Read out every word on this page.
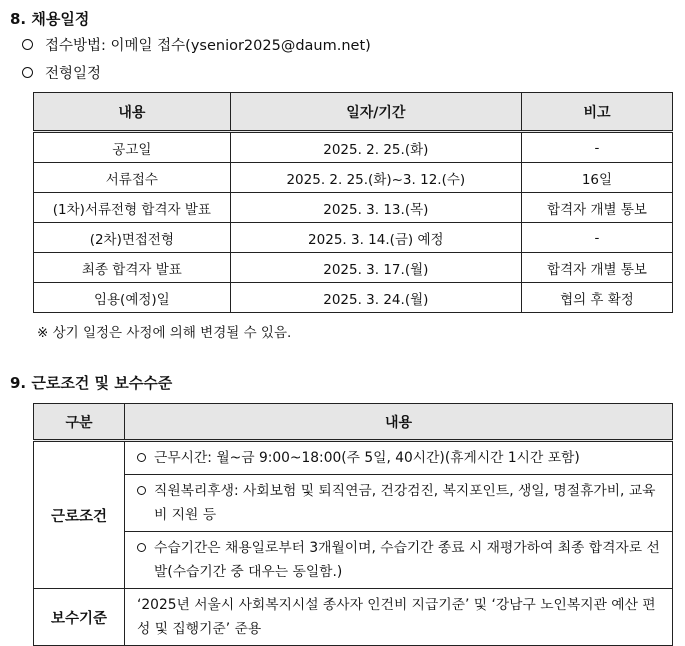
8. 채용일정
접수방법: 이메일 접수(ysenior2025@daum.net)
전형일정
내용	일자/기간	비고
공고일	2025. 2. 25.(화)	-
서류접수	2025. 2. 25.(화)~3. 12.(수)	16일
(1차)서류전형 합격자 발표	2025. 3. 13.(목)	합격자 개별 통보
(2차)면접전형	2025. 3. 14.(금) 예정	-
최종 합격자 발표	2025. 3. 17.(월)	합격자 개별 통보
임용(예정)일	2025. 3. 24.(월)	협의 후 확정
※ 상기 일정은 사정에 의해 변경될 수 있음.
9. 근로조건 및 보수수준
구분	내용
근로조건	근무시간: 월~금 9:00~18:00(주 5일, 40시간)(휴게시간 1시간 포함)

	직원복리후생: 사회보험 및 퇴직연금, 건강검진, 복지포인트, 생일, 명절휴가비, 교육비 지원 등

	수습기간은 채용일로부터 3개월이며, 수습기간 종료 시 재평가하여 최종 합격자로 선발(수습기간 중 대우는 동일함.)

보수기준	‘2025년 서울시 사회복지시설 종사자 인건비 지급기준’ 및 ‘강남구 노인복지관 예산 편성 및 집행기준’ 준용
